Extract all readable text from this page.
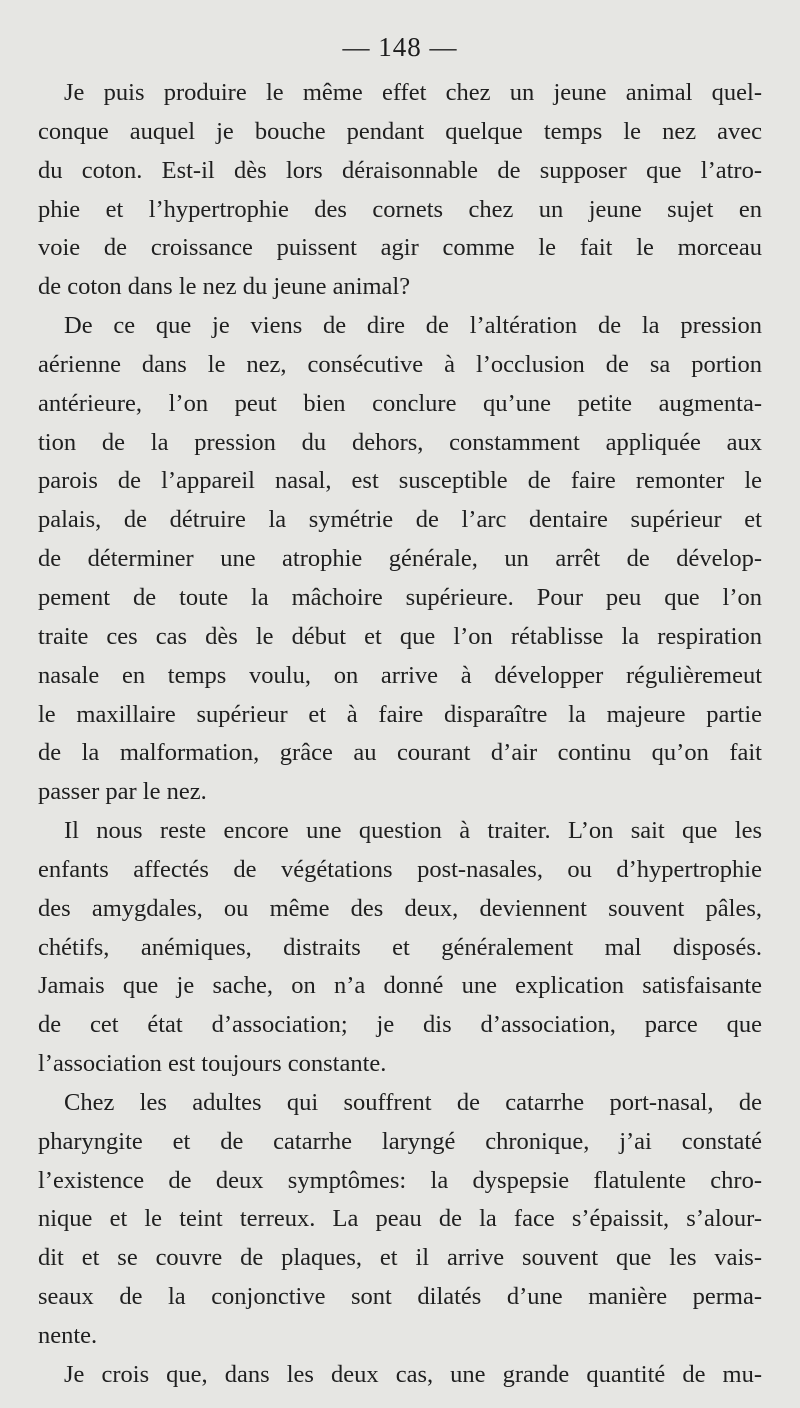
— 148 —
Je puis produire le même effet chez un jeune animal quel-
conque auquel je bouche pendant quelque temps le nez avec
du coton. Est-il dès lors déraisonnable de supposer que l’atro-
phie et l’hypertrophie des cornets chez un jeune sujet en
voie de croissance puissent agir comme le fait le morceau
de coton dans le nez du jeune animal?
De ce que je viens de dire de l’altération de la pression
aérienne dans le nez, consécutive à l’occlusion de sa portion
antérieure, l’on peut bien conclure qu’une petite augmenta-
tion de la pression du dehors, constamment appliquée aux
parois de l’appareil nasal, est susceptible de faire remonter le
palais, de détruire la symétrie de l’arc dentaire supérieur et
de déterminer une atrophie générale, un arrêt de dévelop-
pement de toute la mâchoire supérieure. Pour peu que l’on
traite ces cas dès le début et que l’on rétablisse la respiration
nasale en temps voulu, on arrive à développer régulièremeut
le maxillaire supérieur et à faire disparaître la majeure partie
de la malformation, grâce au courant d’air continu qu’on fait
passer par le nez.
Il nous reste encore une question à traiter. L’on sait que les
enfants affectés de végétations post-nasales, ou d’hypertrophie
des amygdales, ou même des deux, deviennent souvent pâles,
chétifs, anémiques, distraits et généralement mal disposés.
Jamais que je sache, on n’a donné une explication satisfaisante
de cet état d’association; je dis d’association, parce que
l’association est toujours constante.
Chez les adultes qui souffrent de catarrhe port-nasal, de
pharyngite et de catarrhe laryngé chronique, j’ai constaté
l’existence de deux symptômes: la dyspepsie flatulente chro-
nique et le teint terreux. La peau de la face s’épaissit, s’alour-
dit et se couvre de plaques, et il arrive souvent que les vais-
seaux de la conjonctive sont dilatés d’une manière perma-
nente.
Je crois que, dans les deux cas, une grande quantité de mu-
